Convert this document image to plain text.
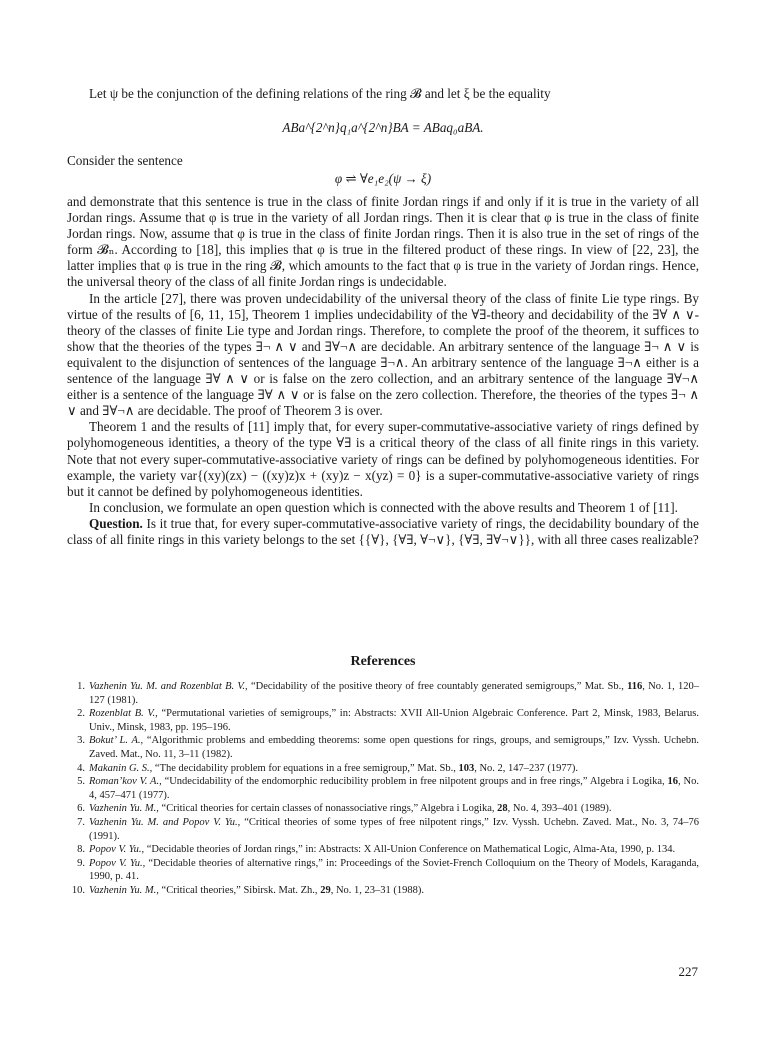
Let ψ be the conjunction of the defining relations of the ring 𝓑 and let ξ be the equality

ABa^{2^n}q₁a^{2^n}BA = ABaq₀aBA.

Consider the sentence

φ ⇌ ∀e₁e₂(ψ → ξ)

and demonstrate that this sentence is true in the class of finite Jordan rings if and only if it is true in the variety of all Jordan rings. Assume that φ is true in the variety of all Jordan rings. Then it is clear that φ is true in the class of finite Jordan rings. Now, assume that φ is true in the class of finite Jordan rings. Then it is also true in the set of rings of the form 𝓑ₙ. According to [18], this implies that φ is true in the filtered product of these rings. In view of [22, 23], the latter implies that φ is true in the ring 𝓑, which amounts to the fact that φ is true in the variety of Jordan rings. Hence, the universal theory of the class of all finite Jordan rings is undecidable.

In the article [27], there was proven undecidability of the universal theory of the class of finite Lie type rings. By virtue of the results of [6, 11, 15], Theorem 1 implies undecidability of the ∀∃-theory and decidability of the ∃∀ ∧ ∨-theory of the classes of finite Lie type and Jordan rings. Therefore, to complete the proof of the theorem, it suffices to show that the theories of the types ∃¬ ∧ ∨ and ∃∀¬∧ are decidable. An arbitrary sentence of the language ∃¬ ∧ ∨ is equivalent to the disjunction of sentences of the language ∃¬∧. An arbitrary sentence of the language ∃¬∧ either is a sentence of the language ∃∀ ∧ ∨ or is false on the zero collection, and an arbitrary sentence of the language ∃∀¬∧ either is a sentence of the language ∃∀ ∧ ∨ or is false on the zero collection. Therefore, the theories of the types ∃¬ ∧ ∨ and ∃∀¬∧ are decidable. The proof of Theorem 3 is over.

Theorem 1 and the results of [11] imply that, for every super-commutative-associative variety of rings defined by polyhomogeneous identities, a theory of the type ∀∃ is a critical theory of the class of all finite rings in this variety. Note that not every super-commutative-associative variety of rings can be defined by polyhomogeneous identities. For example, the variety var{(xy)(zx) − ((xy)z)x + (xy)z − x(yz) = 0} is a super-commutative-associative variety of rings but it cannot be defined by polyhomogeneous identities.

In conclusion, we formulate an open question which is connected with the above results and Theorem 1 of [11].

Question. Is it true that, for every super-commutative-associative variety of rings, the decidability boundary of the class of all finite rings in this variety belongs to the set {{∀}, {∀∃, ∀¬∨}, {∀∃, ∃∀¬∨}}, with all three cases realizable?

References

1. Vazhenin Yu. M. and Rozenblat B. V., “Decidability of the positive theory of free countably generated semigroups,” Mat. Sb., 116, No. 1, 120–127 (1981).
2. Rozenblat B. V., “Permutational varieties of semigroups,” in: Abstracts: XVII All-Union Algebraic Conference. Part 2, Minsk, 1983, Belarus. Univ., Minsk, 1983, pp. 195–196.
3. Bokut’ L. A., “Algorithmic problems and embedding theorems: some open questions for rings, groups, and semigroups,” Izv. Vyssh. Uchebn. Zaved. Mat., No. 11, 3–11 (1982).
4. Makanin G. S., “The decidability problem for equations in a free semigroup,” Mat. Sb., 103, No. 2, 147–237 (1977).
5. Roman’kov V. A., “Undecidability of the endomorphic reducibility problem in free nilpotent groups and in free rings,” Algebra i Logika, 16, No. 4, 457–471 (1977).
6. Vazhenin Yu. M., “Critical theories for certain classes of nonassociative rings,” Algebra i Logika, 28, No. 4, 393–401 (1989).
7. Vazhenin Yu. M. and Popov V. Yu., “Critical theories of some types of free nilpotent rings,” Izv. Vyssh. Uchebn. Zaved. Mat., No. 3, 74–76 (1991).
8. Popov V. Yu., “Decidable theories of Jordan rings,” in: Abstracts: X All-Union Conference on Mathematical Logic, Alma-Ata, 1990, p. 134.
9. Popov V. Yu., “Decidable theories of alternative rings,” in: Proceedings of the Soviet-French Colloquium on the Theory of Models, Karaganda, 1990, p. 41.
10. Vazhenin Yu. M., “Critical theories,” Sibirsk. Mat. Zh., 29, No. 1, 23–31 (1988).
227
